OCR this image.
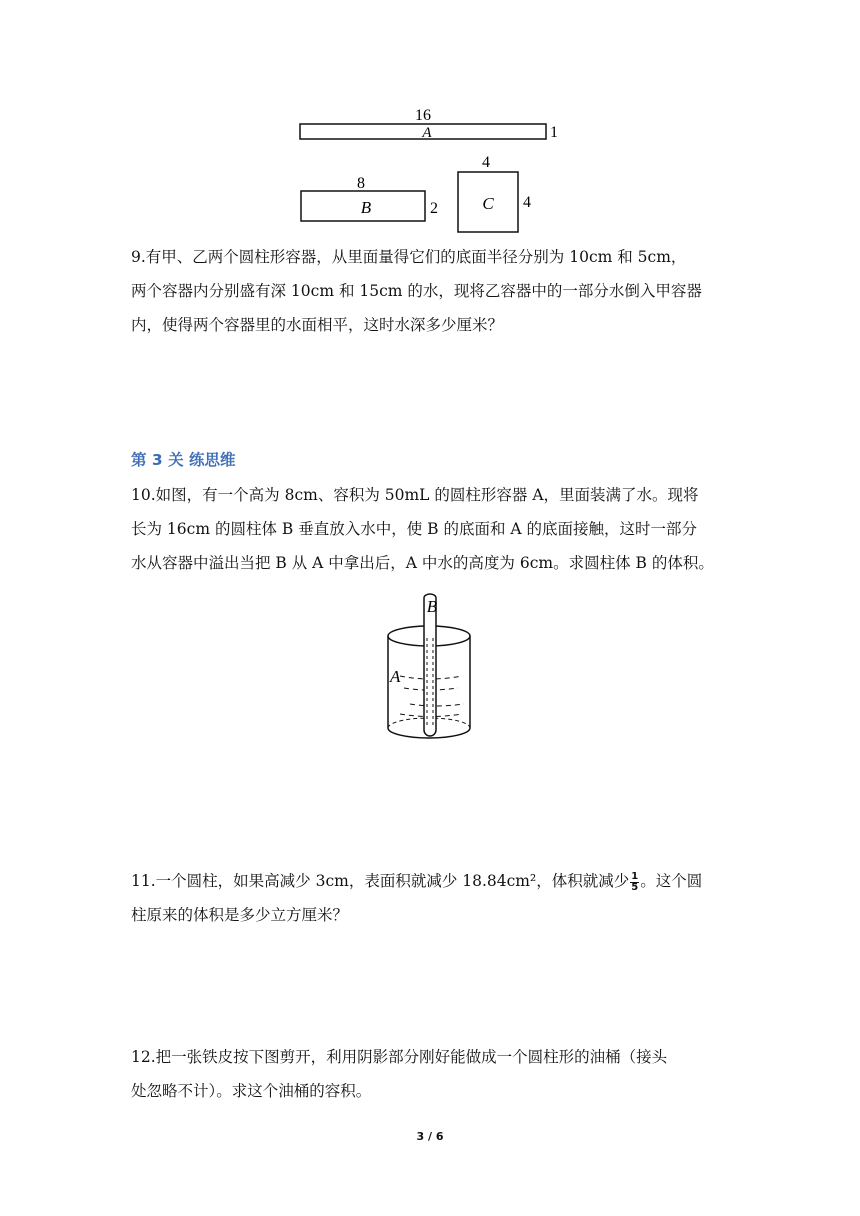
16
A	1
8
B	2
4
C 4
9.有甲、乙两个圆柱形容器，从里面量得它们的底面半径分别为 10cm 和 5cm，
两个容器内分别盛有深 10cm 和 15cm 的水，现将乙容器中的一部分水倒入甲容器
内，使得两个容器里的水面相平，这时水深多少厘米？
第 3 关 练思维
10.如图，有一个高为 8cm、容积为 50mL 的圆柱形容器 A，里面装满了水。现将
长为 16cm 的圆柱体 B 垂直放入水中，使 B 的底面和 A 的底面接触，这时一部分
水从容器中溢出当把 B 从 A 中拿出后，A 中水的高度为 6cm。求圆柱体 B 的体积。
B
A
11.一个圆柱，如果高减少 3cm，表面积就减少 18.84cm²，体积就减少 $\frac{1}{5}$ 。这个圆
柱原来的体积是多少立方厘米？
12.把一张铁皮按下图剪开，利用阴影部分刚好能做成一个圆柱形的油桶（接头
处忽略不计）。求这个油桶的容积。
3 / 6
